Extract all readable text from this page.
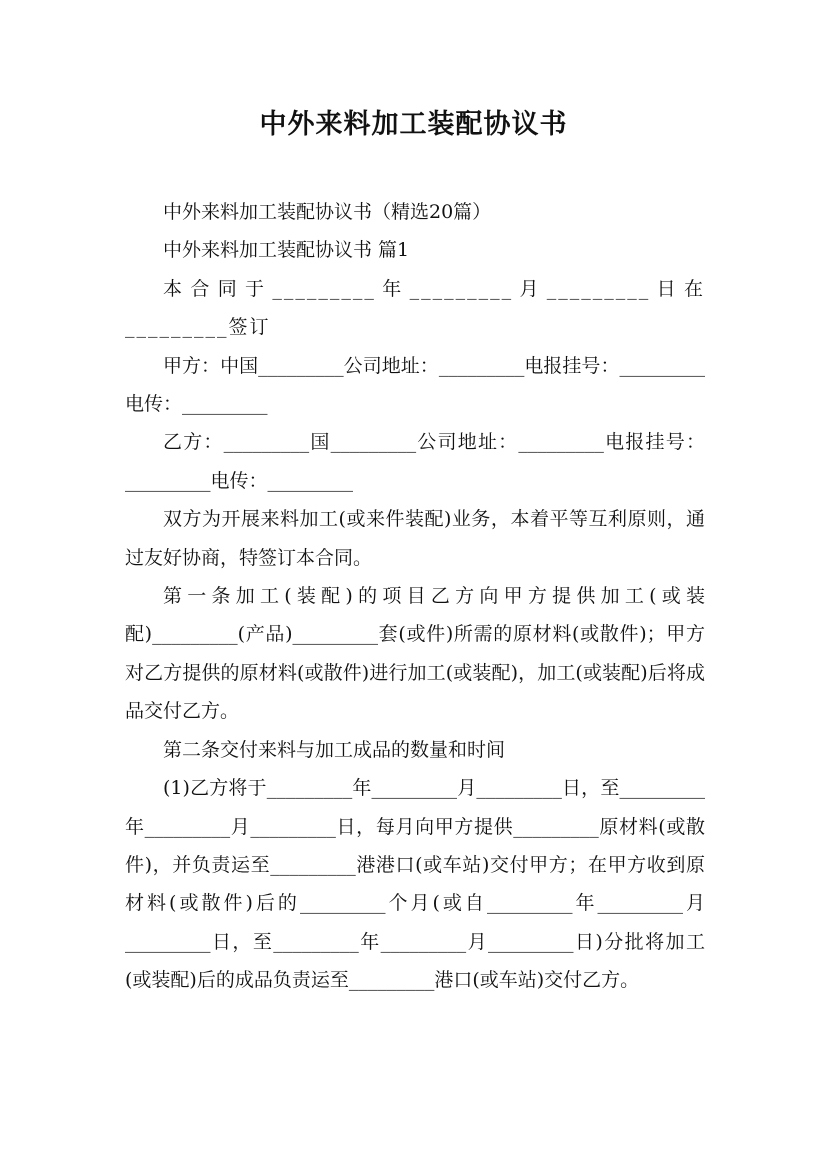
中外来料加工装配协议书

中外来料加工装配协议书（精选20篇）

中外来料加工装配协议书 篇1

本合同于_________年_________月_________日在_________签订

甲方：中国_________公司地址：_________电报挂号：_________电传：_________

乙方：_________国_________公司地址：_________电报挂号：_________电传：_________

双方为开展来料加工(或来件装配)业务，本着平等互利原则，通过友好协商，特签订本合同。

第一条加工(装配)的项目乙方向甲方提供加工(或装配)_________(产品)_________套(或件)所需的原材料(或散件)；甲方对乙方提供的原材料(或散件)进行加工(或装配)，加工(或装配)后将成品交付乙方。

第二条交付来料与加工成品的数量和时间

(1)乙方将于_________年_________月_________日，至_________年_________月_________日，每月向甲方提供_________原材料(或散件)，并负责运至_________港港口(或车站)交付甲方；在甲方收到原材料(或散件)后的_________个月(或自_________年_________月_________日，至_________年_________月_________日)分批将加工(或装配)后的成品负责运至_________港口(或车站)交付乙方。
